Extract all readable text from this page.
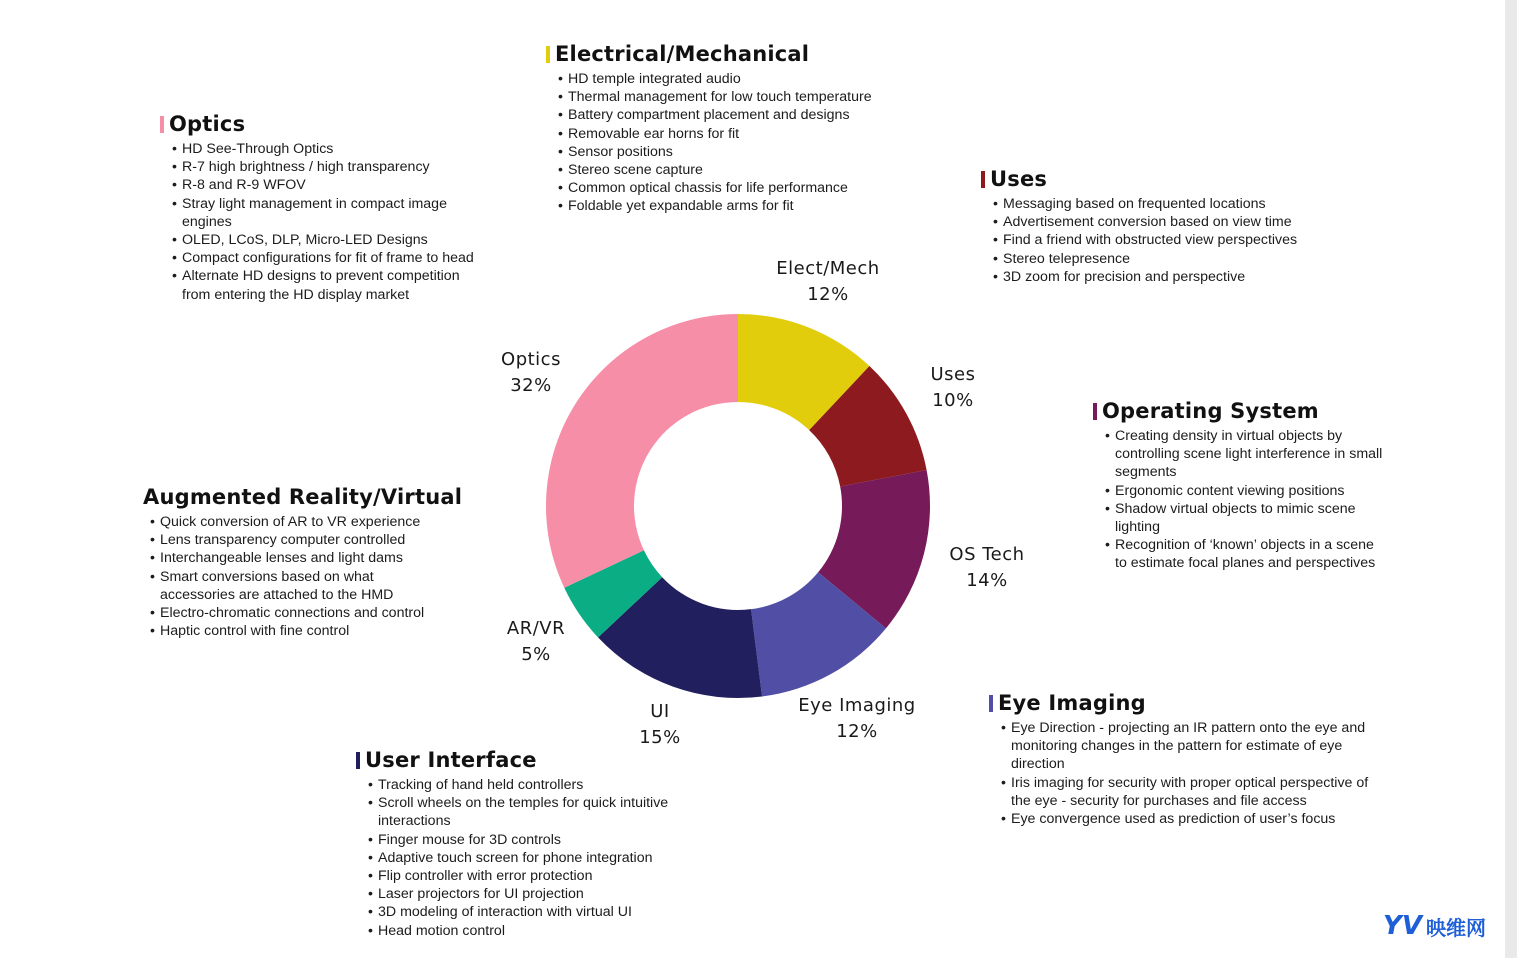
Elect/Mech
12%
Uses
10%
OS Tech
14%
Eye Imaging
12%
UI
15%
AR/VR
5%
Optics
32%
Electrical/Mechanical
• HD temple integrated audio
• Thermal management for low touch temperature
• Battery compartment placement and designs
• Removable ear horns for fit
• Sensor positions
• Stereo scene capture
• Common optical chassis for life performance
• Foldable yet expandable arms for fit
Optics
• HD See-Through Optics
• R-7 high brightness / high transparency
• R-8 and R-9 WFOV
• Stray light management in compact image engines
• OLED, LCoS, DLP, Micro-LED Designs
• Compact configurations for fit of frame to head
• Alternate HD designs to prevent competition from entering the HD display market
Uses
• Messaging based on frequented locations
• Advertisement conversion based on view time
• Find a friend with obstructed view perspectives
• Stereo telepresence
• 3D zoom for precision and perspective
Operating System
• Creating density in virtual objects by controlling scene light interference in small segments
• Ergonomic content viewing positions
• Shadow virtual objects to mimic scene lighting
• Recognition of ‘known’ objects in a scene to estimate focal planes and perspectives
Augmented Reality/Virtual
• Quick conversion of AR to VR experience
• Lens transparency computer controlled
• Interchangeable lenses and light dams
• Smart conversions based on what accessories are attached to the HMD
• Electro-chromatic connections and control
• Haptic control with fine control
Eye Imaging
• Eye Direction - projecting an IR pattern onto the eye and monitoring changes in the pattern for estimate of eye direction
• Iris imaging for security with proper optical perspective of the eye - security for purchases and file access
• Eye convergence used as prediction of user’s focus
User Interface
• Tracking of hand held controllers
• Scroll wheels on the temples for quick intuitive interactions
• Finger mouse for 3D controls
• Adaptive touch screen for phone integration
• Flip controller with error protection
• Laser projectors for UI projection
• 3D modeling of interaction with virtual UI
• Head motion control	YV 映维网
